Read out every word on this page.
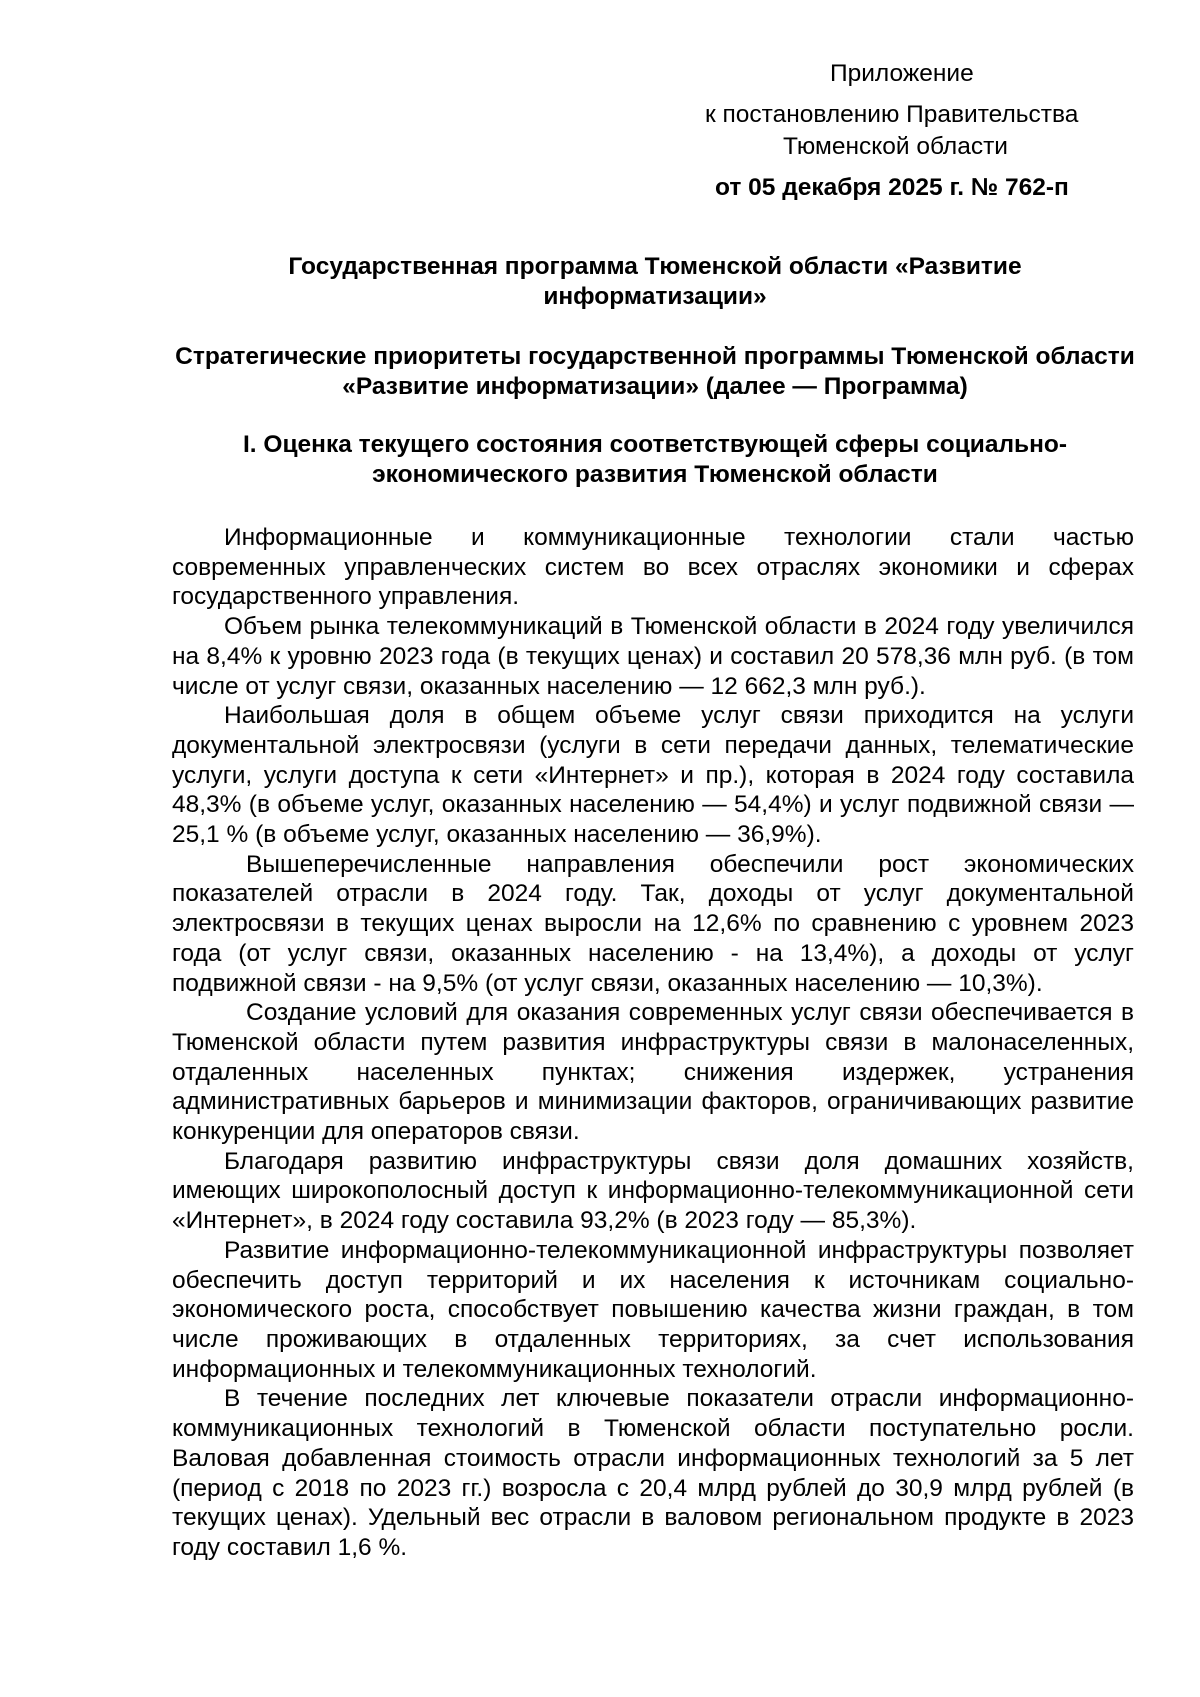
Приложение
к постановлению Правительства
Тюменской области
от 05 декабря 2025 г. № 762-п
Государственная программа Тюменской области «Развитие информатизации»
Стратегические приоритеты государственной программы Тюменской области «Развитие информатизации» (далее — Программа)
I. Оценка текущего состояния соответствующей сферы социально-экономического развития Тюменской области

Информационные и коммуникационные технологии стали частью современных управленческих систем во всех отраслях экономики и сферах государственного управления.

Объем рынка телекоммуникаций в Тюменской области в 2024 году увеличился на 8,4% к уровню 2023 года (в текущих ценах) и составил 20 578,36 млн руб. (в том числе от услуг связи, оказанных населению — 12 662,3 млн руб.).

Наибольшая доля в общем объеме услуг связи приходится на услуги документальной электросвязи (услуги в сети передачи данных, телематические услуги, услуги доступа к сети «Интернет» и пр.), которая в 2024 году составила 48,3% (в объеме услуг, оказанных населению — 54,4%) и услуг подвижной связи — 25,1 % (в объеме услуг, оказанных населению — 36,9%).

Вышеперечисленные направления обеспечили рост экономических показателей отрасли в 2024 году. Так, доходы от услуг документальной электросвязи в текущих ценах выросли на 12,6% по сравнению с уровнем 2023 года (от услуг связи, оказанных населению - на 13,4%), а доходы от услуг подвижной связи - на 9,5% (от услуг связи, оказанных населению — 10,3%).

Создание условий для оказания современных услуг связи обеспечивается в Тюменской области путем развития инфраструктуры связи в малонаселенных, отдаленных населенных пунктах; снижения издержек, устранения административных барьеров и минимизации факторов, ограничивающих развитие конкуренции для операторов связи.

Благодаря развитию инфраструктуры связи доля домашних хозяйств, имеющих широкополосный доступ к информационно-телекоммуникационной сети «Интернет», в 2024 году составила 93,2% (в 2023 году — 85,3%).

Развитие информационно-телекоммуникационной инфраструктуры позволяет обеспечить доступ территорий и их населения к источникам социально-экономического роста, способствует повышению качества жизни граждан, в том числе проживающих в отдаленных территориях, за счет использования информационных и телекоммуникационных технологий.

В течение последних лет ключевые показатели отрасли информационно-коммуникационных технологий в Тюменской области поступательно росли. Валовая добавленная стоимость отрасли информационных технологий за 5 лет (период с 2018 по 2023 гг.) возросла с 20,4 млрд рублей до 30,9 млрд рублей (в текущих ценах). Удельный вес отрасли в валовом региональном продукте в 2023 году составил 1,6 %.
